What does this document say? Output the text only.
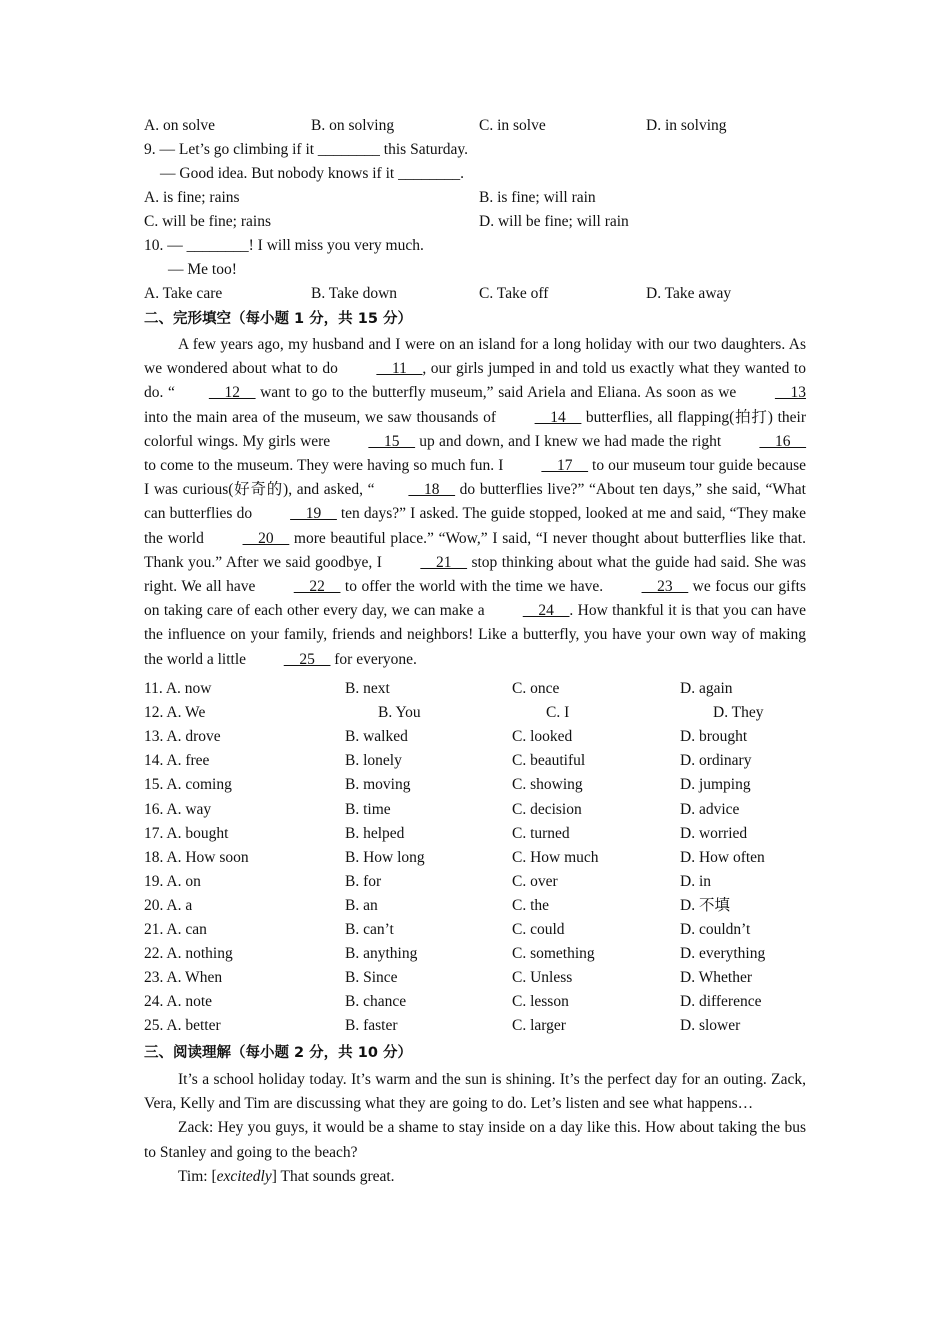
A. on solve	B. on solving	C. in solve	D. in solving
9. — Let’s go climbing if it ________ this Saturday.
— Good idea. But nobody knows if it ________.
A. is fine; rains	B. is fine; will rain
C. will be fine; rains	D. will be fine; will rain
10. — ________! I will miss you very much.
— Me too!
A. Take care	B. Take down	C. Take off	D. Take away
二、完形填空（每小题 1 分，共 15 分）

A few years ago, my husband and I were on an island for a long holiday with our two daughters. As we wondered about what to do __11__, our girls jumped in and told us exactly what they wanted to do. “ __12__ want to go to the butterfly museum,” said Ariela and Eliana. As soon as we __13 into the main area of the museum, we saw thousands of __14__ butterflies, all flapping(拍打) their colorful wings. My girls were __15__ up and down, and I knew we had made the right __16__ to come to the museum. They were having so much fun. I __17__ to our museum tour guide because I was curious(好奇的), and asked, “ __18__ do butterflies live?” “About ten days,” she said, “What can butterflies do __19__ ten days?” I asked. The guide stopped, looked at me and said, “They make the world __20__ more beautiful place.” “Wow,” I said, “I never thought about butterflies like that. Thank you.” After we said goodbye, I __21__ stop thinking about what the guide had said. She was right. We all have __22__ to offer the world with the time we have. __23__ we focus our gifts on taking care of each other every day, we can make a __24__. How thankful it is that you can have the influence on your family, friends and neighbors! Like a butterfly, you have your own way of making the world a little __25__ for everyone.

11. A. now	B. next	C. once	D. again
12. A. We	B. You	C. I	D. They
13. A. drove	B. walked	C. looked	D. brought
14. A. free	B. lonely	C. beautiful	D. ordinary
15. A. coming	B. moving	C. showing	D. jumping
16. A. way	B. time	C. decision	D. advice
17. A. bought	B. helped	C. turned	D. worried
18. A. How soon	B. How long	C. How much	D. How often
19. A. on	B. for	C. over	D. in
20. A. a	B. an	C. the	D. 不填
21. A. can	B. can’t	C. could	D. couldn’t
22. A. nothing	B. anything	C. something	D. everything
23. A. When	B. Since	C. Unless	D. Whether
24. A. note	B. chance	C. lesson	D. difference
25. A. better	B. faster	C. larger	D. slower
三、阅读理解（每小题 2 分，共 10 分）

It’s a school holiday today. It’s warm and the sun is shining. It’s the perfect day for an outing. Zack, Vera, Kelly and Tim are discussing what they are going to do. Let’s listen and see what happens…

Zack: Hey you guys, it would be a shame to stay inside on a day like this. How about taking the bus to Stanley and going to the beach?

Tim: [excitedly] That sounds great.
